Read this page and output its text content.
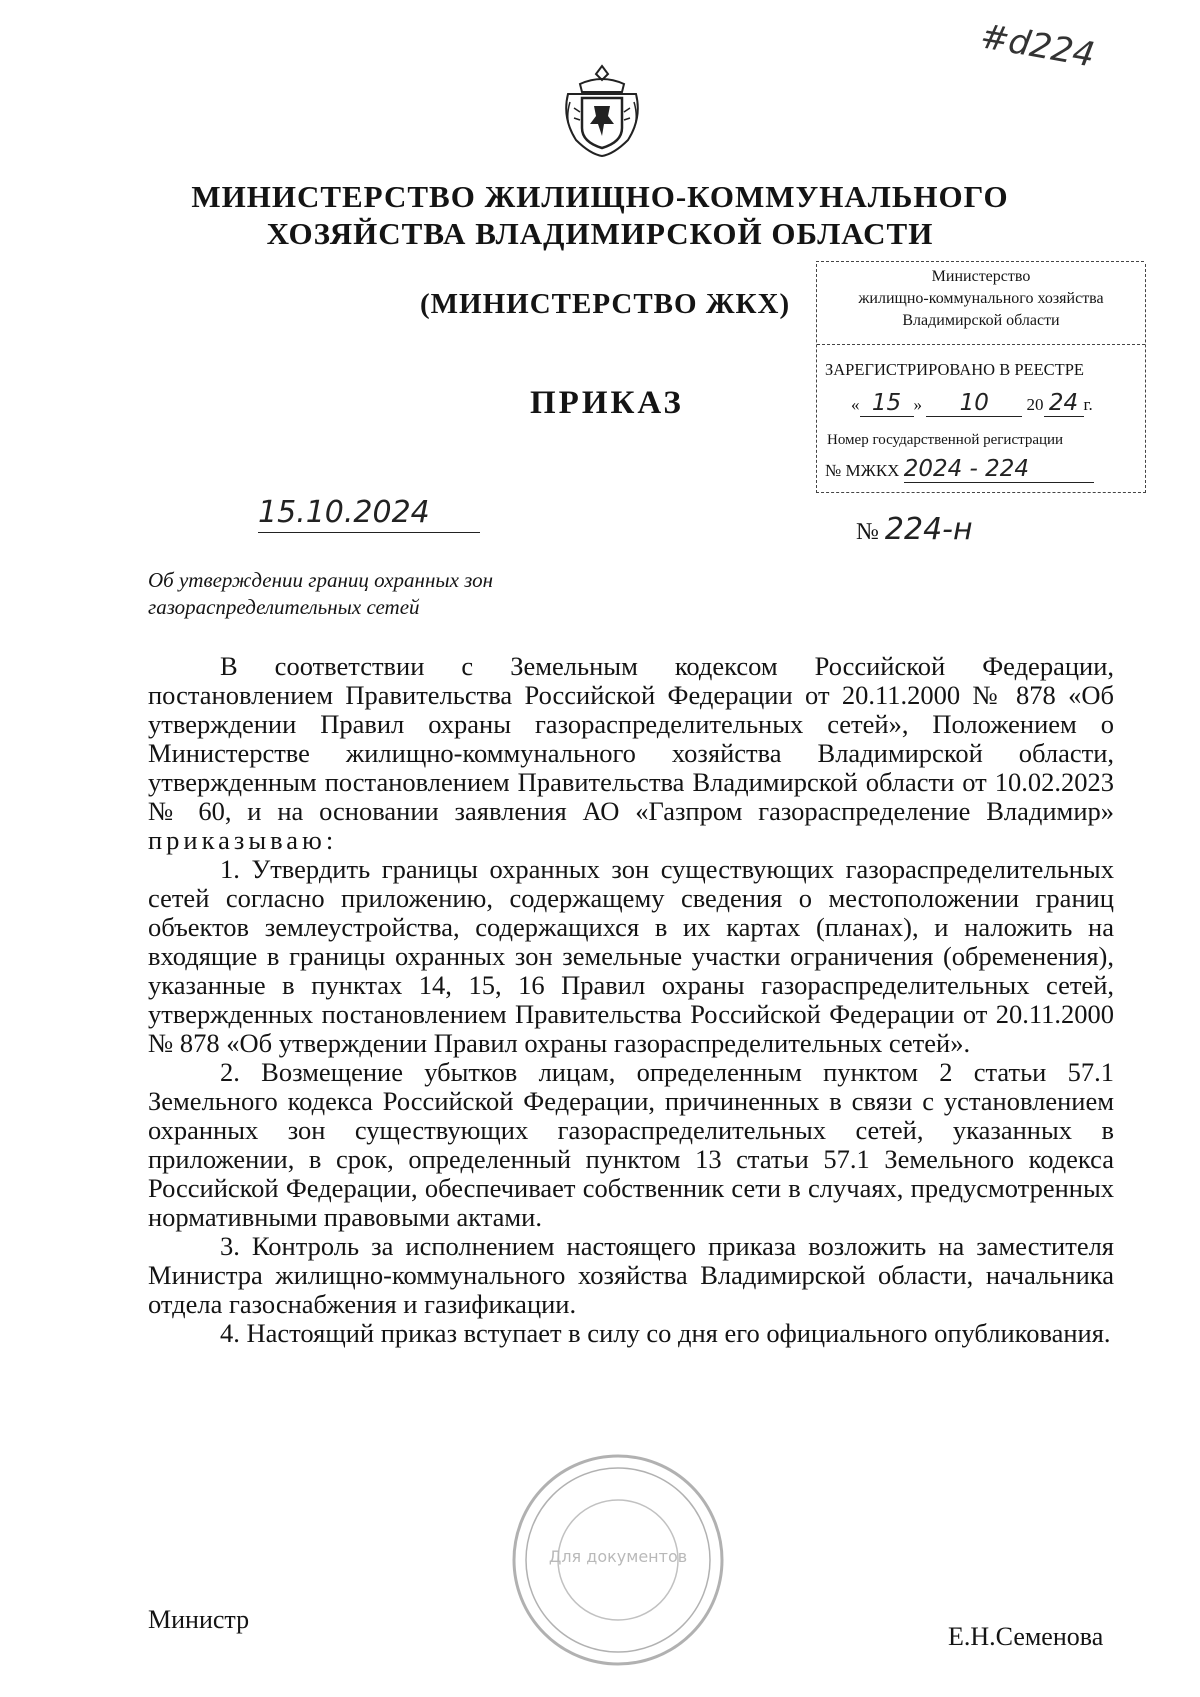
#d224
МИНИСТЕРСТВО ЖИЛИЩНО-КОММУНАЛЬНОГО
ХОЗЯЙСТВА ВЛАДИМИРСКОЙ ОБЛАСТИ
(МИНИСТЕРСТВО ЖКХ)
ПРИКАЗ
Министерство
жилищно-коммунального хозяйства
Владимирской области
ЗАРЕГИСТРИРОВАНО В РЕЕСТРЕ
« 15 » 10 20 24 г.
Номер государственной регистрации
№ МЖКХ 2024 - 224
15.10.2024
№ 224-н
Об утверждении границ охранных зон
газораспределительных сетей

В соответствии с Земельным кодексом Российской Федерации, постановлением Правительства Российской Федерации от 20.11.2000 № 878 «Об утверждении Правил охраны газораспределительных сетей», Положением о Министерстве жилищно-коммунального хозяйства Владимирской области, утвержденным постановлением Правительства Владимирской области от 10.02.2023 № 60, и на основании заявления АО «Газпром газораспределение Владимир» приказываю:

1. Утвердить границы охранных зон существующих газораспределительных сетей согласно приложению, содержащему сведения о местоположении границ объектов землеустройства, содержащихся в их картах (планах), и наложить на входящие в границы охранных зон земельные участки ограничения (обременения), указанные в пунктах 14, 15, 16 Правил охраны газораспределительных сетей, утвержденных постановлением Правительства Российской Федерации от 20.11.2000 № 878 «Об утверждении Правил охраны газораспределительных сетей».

2. Возмещение убытков лицам, определенным пунктом 2 статьи 57.1 Земельного кодекса Российской Федерации, причиненных в связи с установлением охранных зон существующих газораспределительных сетей, указанных в приложении, в срок, определенный пунктом 13 статьи 57.1 Земельного кодекса Российской Федерации, обеспечивает собственник сети в случаях, предусмотренных нормативными правовыми актами.

3. Контроль за исполнением настоящего приказа возложить на заместителя Министра жилищно-коммунального хозяйства Владимирской области, начальника отдела газоснабжения и газификации.

4. Настоящий приказ вступает в силу со дня его официального опубликования.

Для документов
Министр
Е.Н.Семенова
